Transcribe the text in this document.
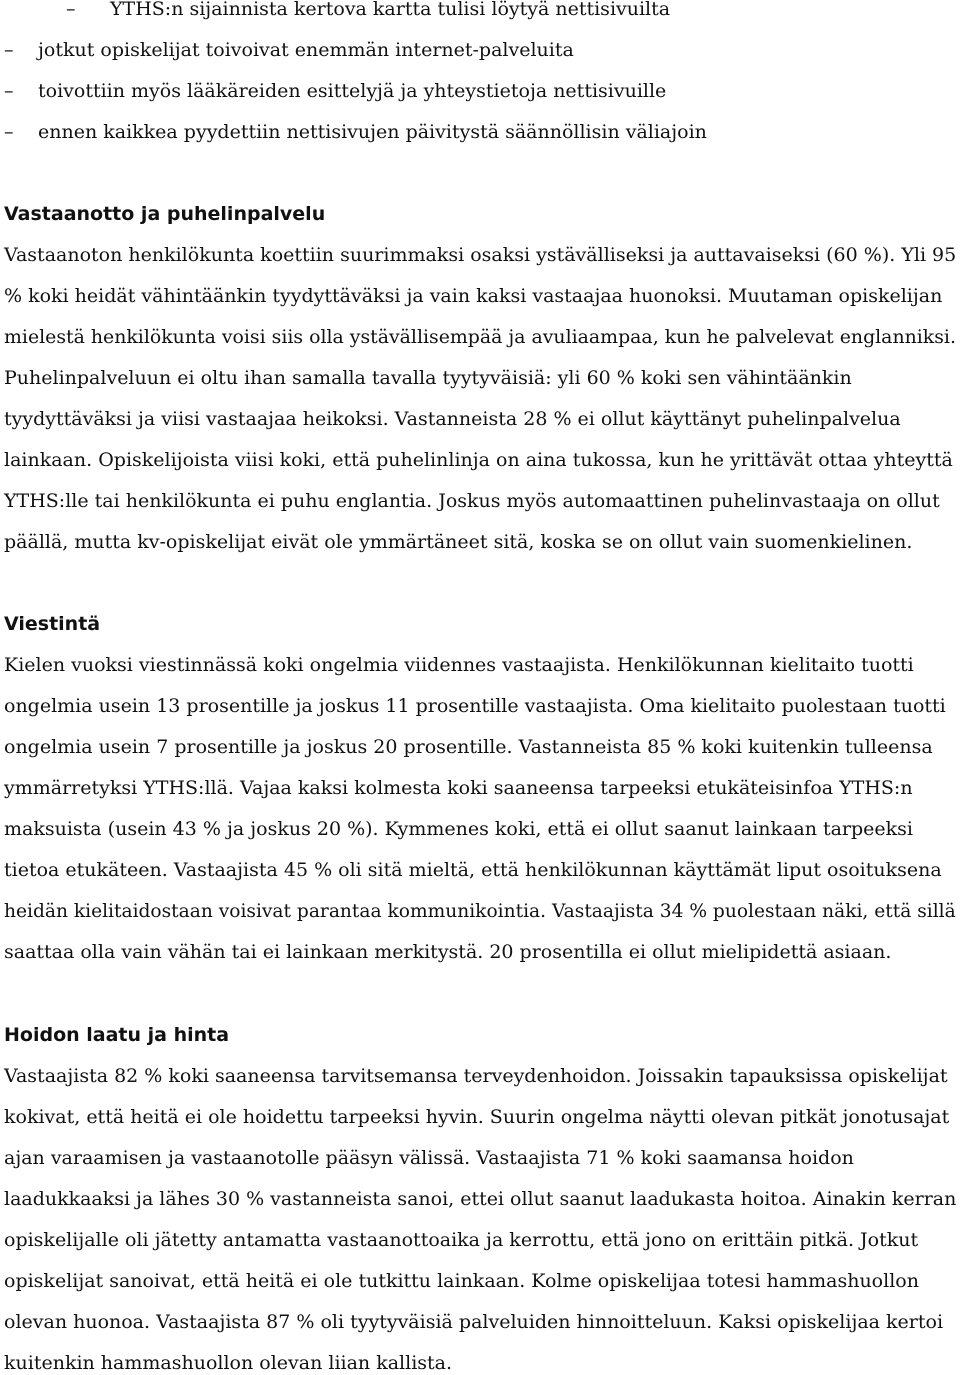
– YTHS:n sijainnista kertova kartta tulisi löytyä nettisivuilta
– jotkut opiskelijat toivoivat enemmän internet-palveluita
– toivottiin myös lääkäreiden esittelyjä ja yhteystietoja nettisivuille
– ennen kaikkea pyydettiin nettisivujen päivitystä säännöllisin väliajoin
Vastaanotto ja puhelinpalvelu
Vastaanoton henkilökunta koettiin suurimmaksi osaksi ystävälliseksi ja auttavaiseksi (60 %). Yli 95
% koki heidät vähintäänkin tyydyttäväksi ja vain kaksi vastaajaa huonoksi. Muutaman opiskelijan
mielestä henkilökunta voisi siis olla ystävällisempää ja avuliaampaa, kun he palvelevat englanniksi.
Puhelinpalveluun ei oltu ihan samalla tavalla tyytyväisiä: yli 60 % koki sen vähintäänkin
tyydyttäväksi ja viisi vastaajaa heikoksi. Vastanneista 28 % ei ollut käyttänyt puhelinpalvelua
lainkaan. Opiskelijoista viisi koki, että puhelinlinja on aina tukossa, kun he yrittävät ottaa yhteyttä
YTHS:lle tai henkilökunta ei puhu englantia. Joskus myös automaattinen puhelinvastaaja on ollut
päällä, mutta kv-opiskelijat eivät ole ymmärtäneet sitä, koska se on ollut vain suomenkielinen.
Viestintä
Kielen vuoksi viestinnässä koki ongelmia viidennes vastaajista. Henkilökunnan kielitaito tuotti
ongelmia usein 13 prosentille ja joskus 11 prosentille vastaajista. Oma kielitaito puolestaan tuotti
ongelmia usein 7 prosentille ja joskus 20 prosentille. Vastanneista 85 % koki kuitenkin tulleensa
ymmärretyksi YTHS:llä. Vajaa kaksi kolmesta koki saaneensa tarpeeksi etukäteisinfoa YTHS:n
maksuista (usein 43 % ja joskus 20 %). Kymmenes koki, että ei ollut saanut lainkaan tarpeeksi
tietoa etukäteen. Vastaajista 45 % oli sitä mieltä, että henkilökunnan käyttämät liput osoituksena
heidän kielitaidostaan voisivat parantaa kommunikointia. Vastaajista 34 % puolestaan näki, että sillä
saattaa olla vain vähän tai ei lainkaan merkitystä. 20 prosentilla ei ollut mielipidettä asiaan.
Hoidon laatu ja hinta
Vastaajista 82 % koki saaneensa tarvitsemansa terveydenhoidon. Joissakin tapauksissa opiskelijat
kokivat, että heitä ei ole hoidettu tarpeeksi hyvin. Suurin ongelma näytti olevan pitkät jonotusajat
ajan varaamisen ja vastaanotolle pääsyn välissä. Vastaajista 71 % koki saamansa hoidon
laadukkaaksi ja lähes 30 % vastanneista sanoi, ettei ollut saanut laadukasta hoitoa. Ainakin kerran
opiskelijalle oli jätetty antamatta vastaanottoaika ja kerrottu, että jono on erittäin pitkä. Jotkut
opiskelijat sanoivat, että heitä ei ole tutkittu lainkaan. Kolme opiskelijaa totesi hammashuollon
olevan huonoa. Vastaajista 87 % oli tyytyväisiä palveluiden hinnoitteluun. Kaksi opiskelijaa kertoi
kuitenkin hammashuollon olevan liian kallista.
